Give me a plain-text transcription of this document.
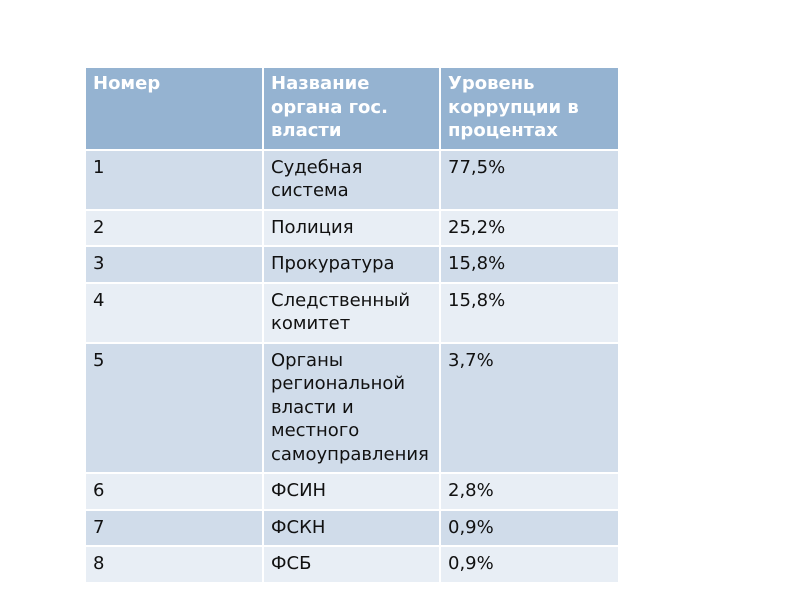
Номер	Название органа гос. власти	Уровень коррупции в процентах

1	Судебная система	77,5%
2	Полиция	25,2%
3	Прокуратура	15,8%
4	Следственный комитет	15,8%
5	Органы региональной власти и местного самоуправления	3,7%
6	ФСИН	2,8%
7	ФСКН	0,9%
8	ФСБ	0,9%
